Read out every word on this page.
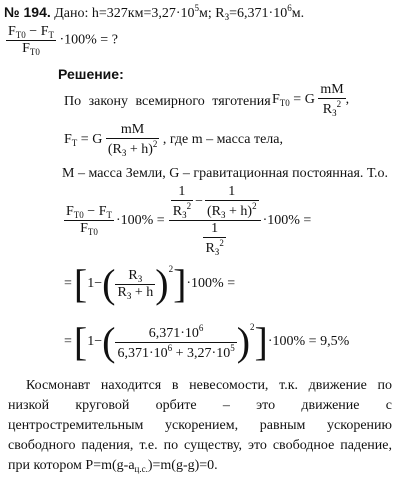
№ 194. Дано: $h=327км=3,27\cdot 10^5м$; $R_З=6,371\cdot 10^6м$.
$\frac{F_{Т0} - F_Т}{F_{Т0}} \cdot 100\%$ = ?
Решение:
По закону всемирного тяготения $F_{Т0} = G \frac{mM}{R_З^2}$ ,
$F_Т = G \frac{mM}{(R_З + h)^2}$ , где m – масса тела,
M – масса Земли, G – гравитационная постоянная. Т.о.
$\frac{F_{Т0} - F_Т}{F_{Т0}} \cdot 100\% = \frac{1}{R_З^2} - \frac{1}{(R_З + h)^2}$
$\frac{1}{R_З^2}$
·100% =
= [ 1− ( $\frac{R_З}{R_З + h}$ ) 2 ] ·100% =
= [ 1− ( $\frac{6,371\cdot 10^6}{6,371\cdot 10^6 + 3,27\cdot 10^5}$ ) 2 ] ·100% = 9,5%
Космонавт находится в невесомости, т.к. движение по низкой круговой орбите – это движение с центростремительным ускорением, равным ускорению свободного падения, т.е. по существу, это свободное падение, при котором $P=m(g-a_{ц.с.})=m(g-g)=0$.
